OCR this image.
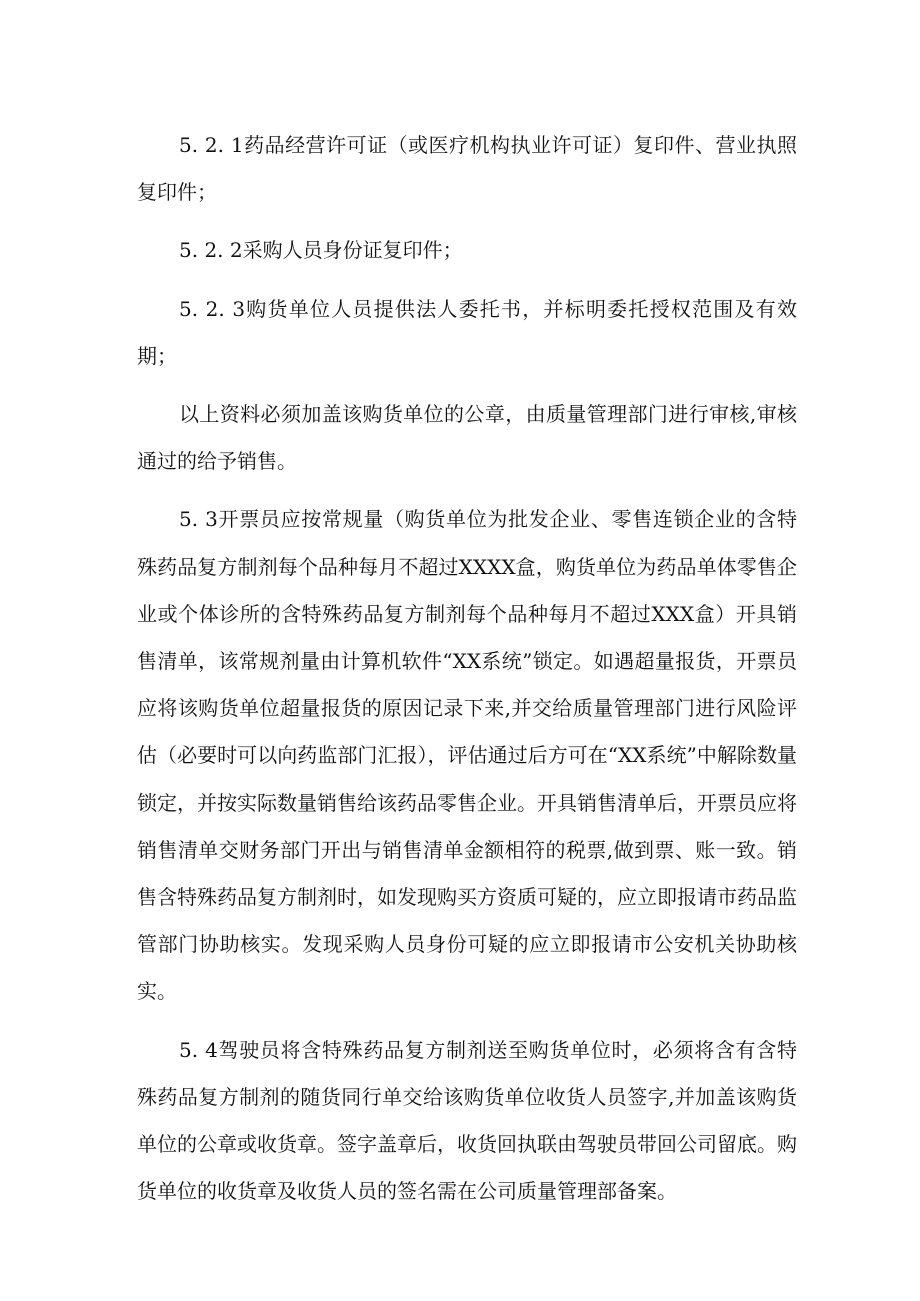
5. 2. 1药品经营许可证（或医疗机构执业许可证）复印件、营业执照复印件；

5. 2. 2采购人员身份证复印件；

5. 2. 3购货单位人员提供法人委托书，并标明委托授权范围及有效期；

以上资料必须加盖该购货单位的公章，由质量管理部门进行审核,审核通过的给予销售。

5. 3开票员应按常规量（购货单位为批发企业、零售连锁企业的含特殊药品复方制剂每个品种每月不超过XXXX盒，购货单位为药品单体零售企业或个体诊所的含特殊药品复方制剂每个品种每月不超过XXX盒）开具销售清单，该常规剂量由计算机软件“XX系统”锁定。如遇超量报货，开票员应将该购货单位超量报货的原因记录下来,并交给质量管理部门进行风险评估（必要时可以向药监部门汇报），评估通过后方可在“XX系统”中解除数量锁定，并按实际数量销售给该药品零售企业。开具销售清单后，开票员应将销售清单交财务部门开出与销售清单金额相符的税票,做到票、账一致。销售含特殊药品复方制剂时，如发现购买方资质可疑的，应立即报请市药品监管部门协助核实。发现采购人员身份可疑的应立即报请市公安机关协助核实。

5. 4驾驶员将含特殊药品复方制剂送至购货单位时，必须将含有含特殊药品复方制剂的随货同行单交给该购货单位收货人员签字,并加盖该购货单位的公章或收货章。签字盖章后，收货回执联由驾驶员带回公司留底。购货单位的收货章及收货人员的签名需在公司质量管理部备案。
